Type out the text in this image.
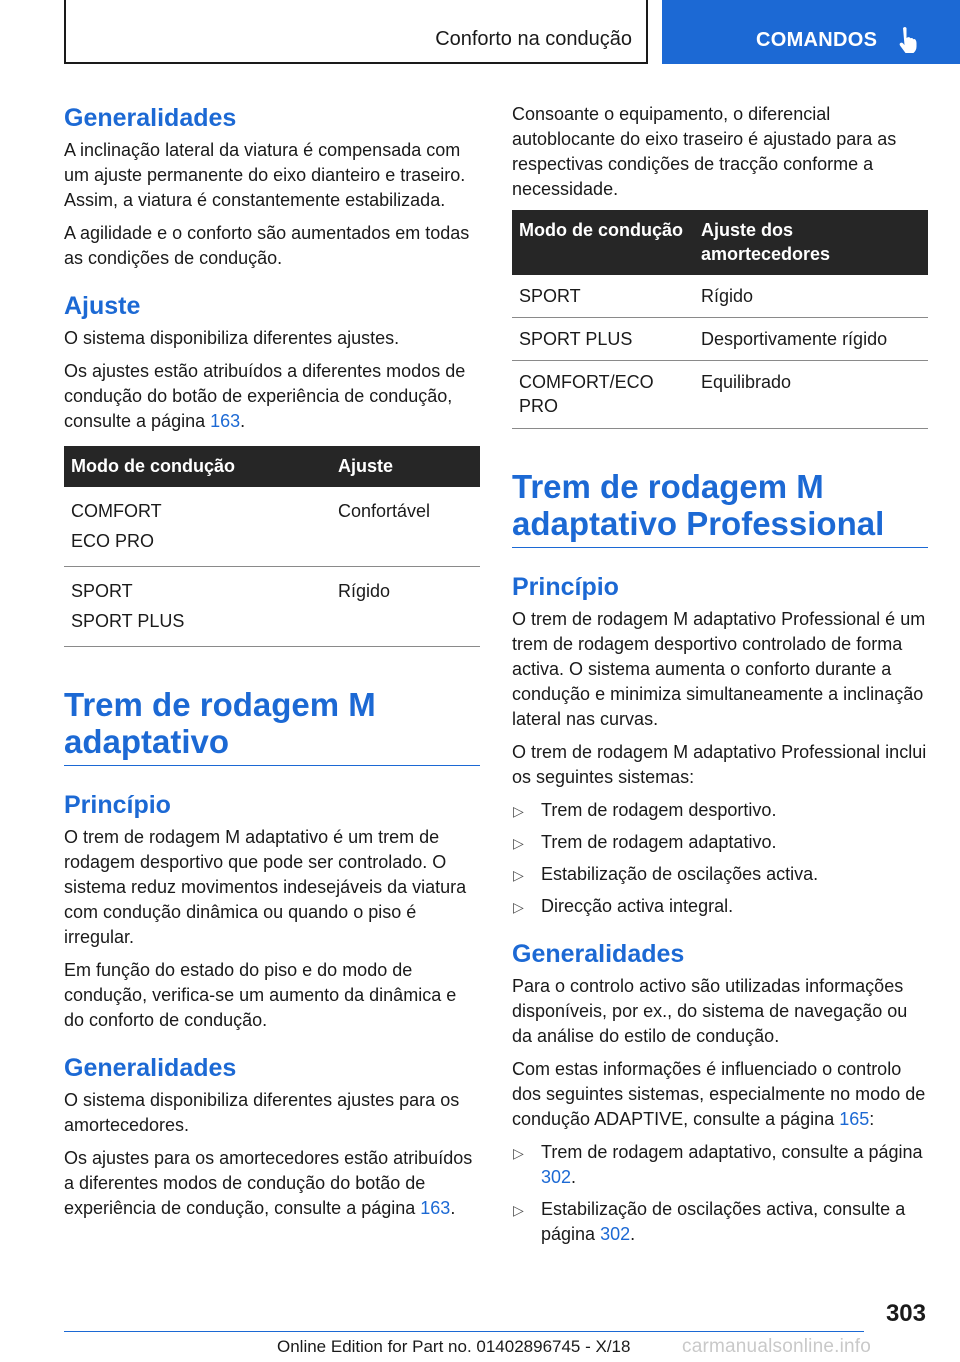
Conforto na condução	COMANDOS
Generalidades

A inclinação lateral da viatura é compensada com um ajuste permanente do eixo dianteiro e traseiro. Assim, a viatura é constantemente estabilizada.

A agilidade e o conforto são aumentados em todas as condições de condução.

Ajuste

O sistema disponibiliza diferentes ajustes.

Os ajustes estão atribuídos a diferentes modos de condução do botão de experiência de condução, consulte a página 163.

Modo de condução	Ajuste

COMFORT
ECO PRO	Confortável

SPORT
SPORT PLUS	Rígido
Trem de rodagem M adaptativo
Princípio

O trem de rodagem M adaptativo é um trem de rodagem desportivo que pode ser controlado. O sistema reduz movimentos indesejáveis da viatura com condução dinâmica ou quando o piso é irregular.

Em função do estado do piso e do modo de condução, verifica-se um aumento da dinâmica e do conforto de condução.

Generalidades

O sistema disponibiliza diferentes ajustes para os amortecedores.

Os ajustes para os amortecedores estão atribuídos a diferentes modos de condução do botão de experiência de condução, consulte a página 163.

Consoante o equipamento, o diferencial autoblocante do eixo traseiro é ajustado para as respectivas condições de tracção conforme a necessidade.

Modo de condução	Ajuste dos amortecedores
SPORT	Rígido
SPORT PLUS	Desportivamente rígido
COMFORT/ECO PRO	Equilibrado
Trem de rodagem M adaptativo Professional
Princípio

O trem de rodagem M adaptativo Professional é um trem de rodagem desportivo controlado de forma activa. O sistema aumenta o conforto durante a condução e minimiza simultaneamente a inclinação lateral nas curvas.

O trem de rodagem M adaptativo Professional inclui os seguintes sistemas:

▷ Trem de rodagem desportivo.
▷ Trem de rodagem adaptativo.
▷ Estabilização de oscilações activa.
▷ Direcção activa integral.
Generalidades

Para o controlo activo são utilizadas informações disponíveis, por ex., do sistema de navegação ou da análise do estilo de condução.

Com estas informações é influenciado o controlo dos seguintes sistemas, especialmente no modo de condução ADAPTIVE, consulte a página 165:

▷ Trem de rodagem adaptativo, consulte a página 302.
▷ Estabilização de oscilações activa, consulte a página 302.
303
Online Edition for Part no. 01402896745 - X/18	carmanualsonline.info
